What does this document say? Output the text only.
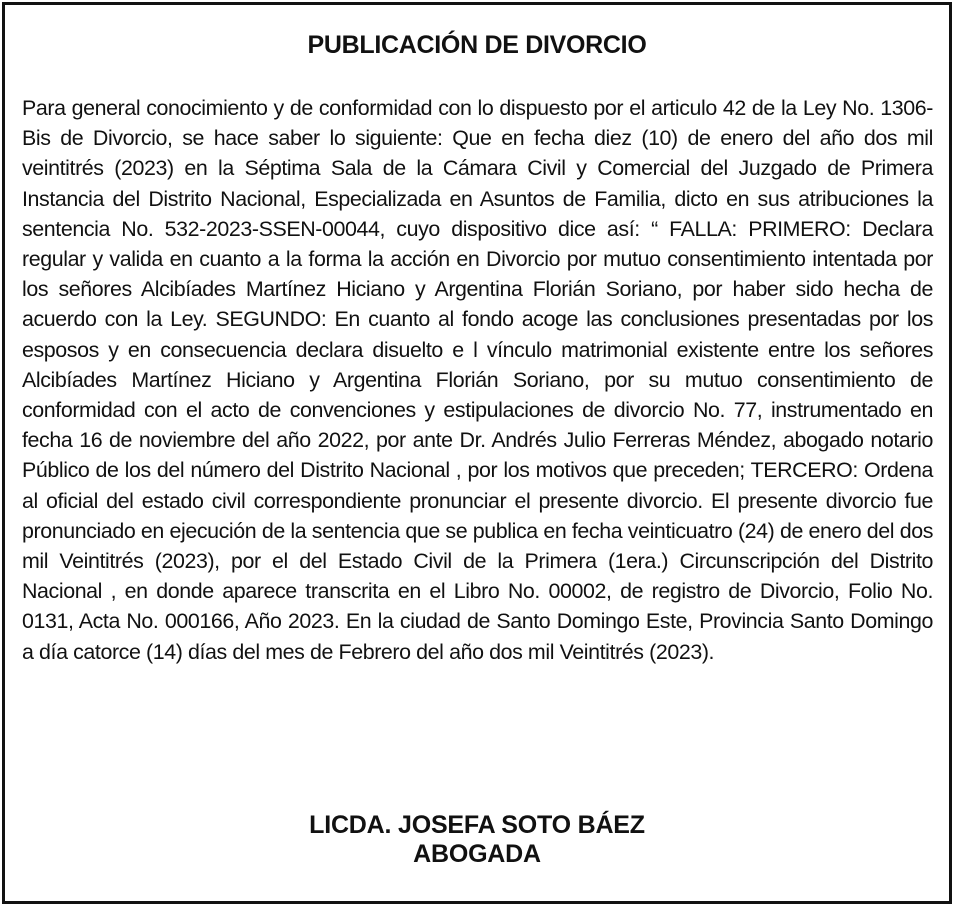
PUBLICACIÓN DE DIVORCIO

Para general conocimiento y de conformidad con lo dispuesto por el articulo 42 de la Ley No. 1306-Bis de Divorcio, se hace saber lo siguiente: Que en fecha diez (10) de enero del año dos mil veintitrés (2023) en la Séptima Sala de la Cámara Civil y Comercial del Juzgado de Primera Instancia del Distrito Nacional, Especializada en Asuntos de Familia, dicto en sus atribuciones la sentencia No. 532-2023-SSEN-00044, cuyo dispositivo dice así: “ FALLA: PRIMERO: Declara regular y valida en cuanto a la forma la acción en Divorcio por mutuo consentimiento intentada por los señores Alcibíades Martínez Hiciano y Argentina Florián Soriano, por haber sido hecha de acuerdo con la Ley. SEGUNDO: En cuanto al fondo acoge las conclusiones presentadas por los esposos y en consecuencia declara disuelto e l vínculo matrimonial existente entre los señores Alcibíades Martínez Hiciano y Argentina Florián Soriano, por su mutuo consentimiento de conformidad con el acto de convenciones y estipulaciones de divorcio No. 77, instrumentado en fecha 16 de noviembre del año 2022, por ante Dr. Andrés Julio Ferreras Méndez, abogado notario Público de los del número del Distrito Nacional , por los motivos que preceden; TERCERO: Ordena al oficial del estado civil correspondiente pronunciar el presente divorcio. El presente divorcio fue pronunciado en ejecución de la sentencia que se publica en fecha veinticuatro (24) de enero del dos mil Veintitrés (2023), por el del Estado Civil de la Primera (1era.) Circunscripción del Distrito Nacional , en donde aparece transcrita en el Libro No. 00002, de registro de Divorcio, Folio No. 0131, Acta No. 000166, Año 2023. En la ciudad de Santo Domingo Este, Provincia Santo Domingo a día catorce (14) días del mes de Febrero del año dos mil Veintitrés (2023).

LICDA. JOSEFA SOTO BÁEZ
ABOGADA
